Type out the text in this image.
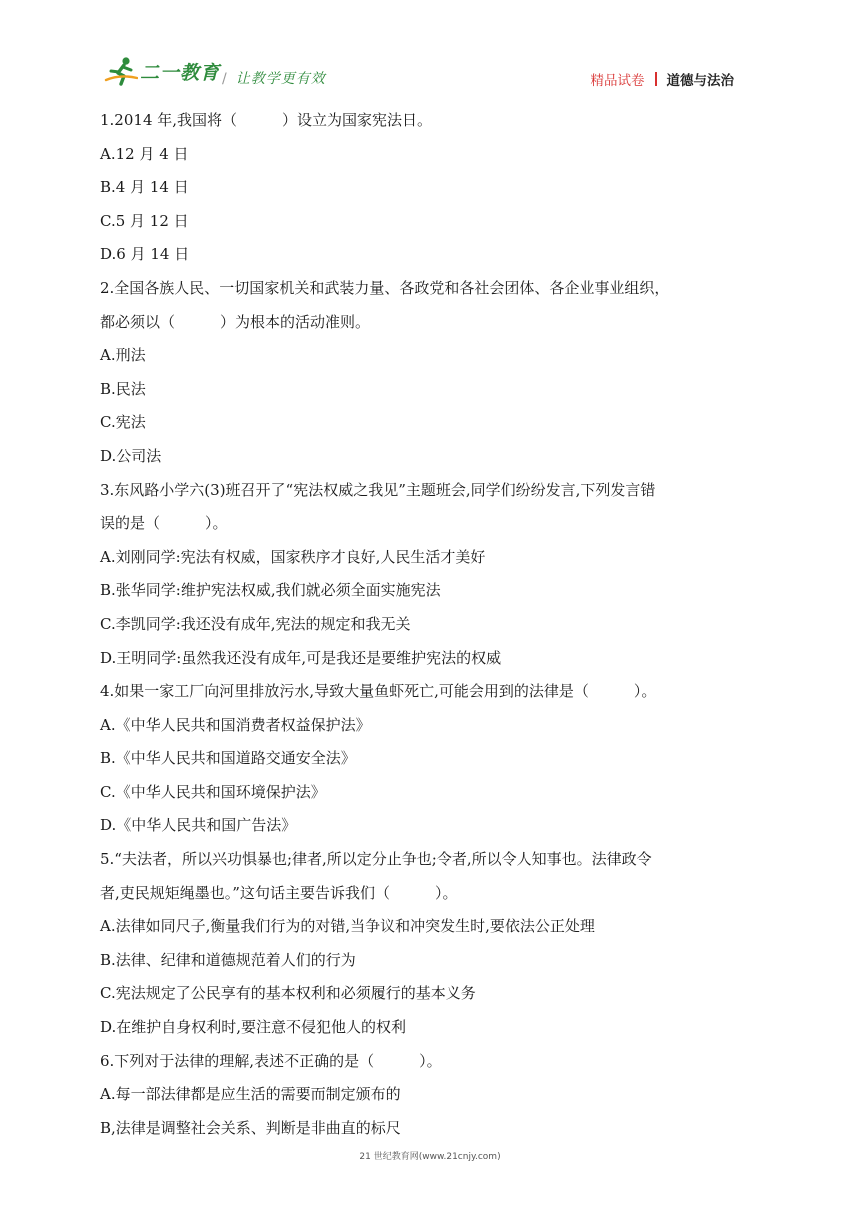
二一教育 / 让教学更有效	精品试卷 道德与法治
1.2014 年,我国将（　　　）设立为国家宪法日。
A.12 月 4 日
B.4 月 14 日
C.5 月 12 日
D.6 月 14 日
2.全国各族人民、一切国家机关和武装力量、各政党和各社会团体、各企业事业组织，
都必须以（　　　）为根本的活动准则。
A.刑法
B.民法
C.宪法
D.公司法
3.东风路小学六(3)班召开了“宪法权威之我见”主题班会,同学们纷纷发言,下列发言错
误的是（　　　）。
A.刘刚同学:宪法有权威，国家秩序才良好,人民生活才美好
B.张华同学:维护宪法权威,我们就必须全面实施宪法
C.李凯同学:我还没有成年,宪法的规定和我无关
D.王明同学:虽然我还没有成年,可是我还是要维护宪法的权威
4.如果一家工厂向河里排放污水,导致大量鱼虾死亡,可能会用到的法律是（　　　）。
A.《中华人民共和国消费者权益保护法》
B.《中华人民共和国道路交通安全法》
C.《中华人民共和国环境保护法》
D.《中华人民共和国广告法》
5.“夫法者，所以兴功惧暴也;律者,所以定分止争也;令者,所以令人知事也。法律政令
者,吏民规矩绳墨也。”这句话主要告诉我们（　　　）。
A.法律如同尺子,衡量我们行为的对错,当争议和冲突发生时,要依法公正处理
B.法律、纪律和道德规范着人们的行为
C.宪法规定了公民享有的基本权利和必须履行的基本义务
D.在维护自身权利时,要注意不侵犯他人的权利
6.下列对于法律的理解,表述不正确的是（　　　）。
A.每一部法律都是应生活的需要而制定颁布的
B,法律是调整社会关系、判断是非曲直的标尺
21 世纪教育网(www.21cnjy.com)
